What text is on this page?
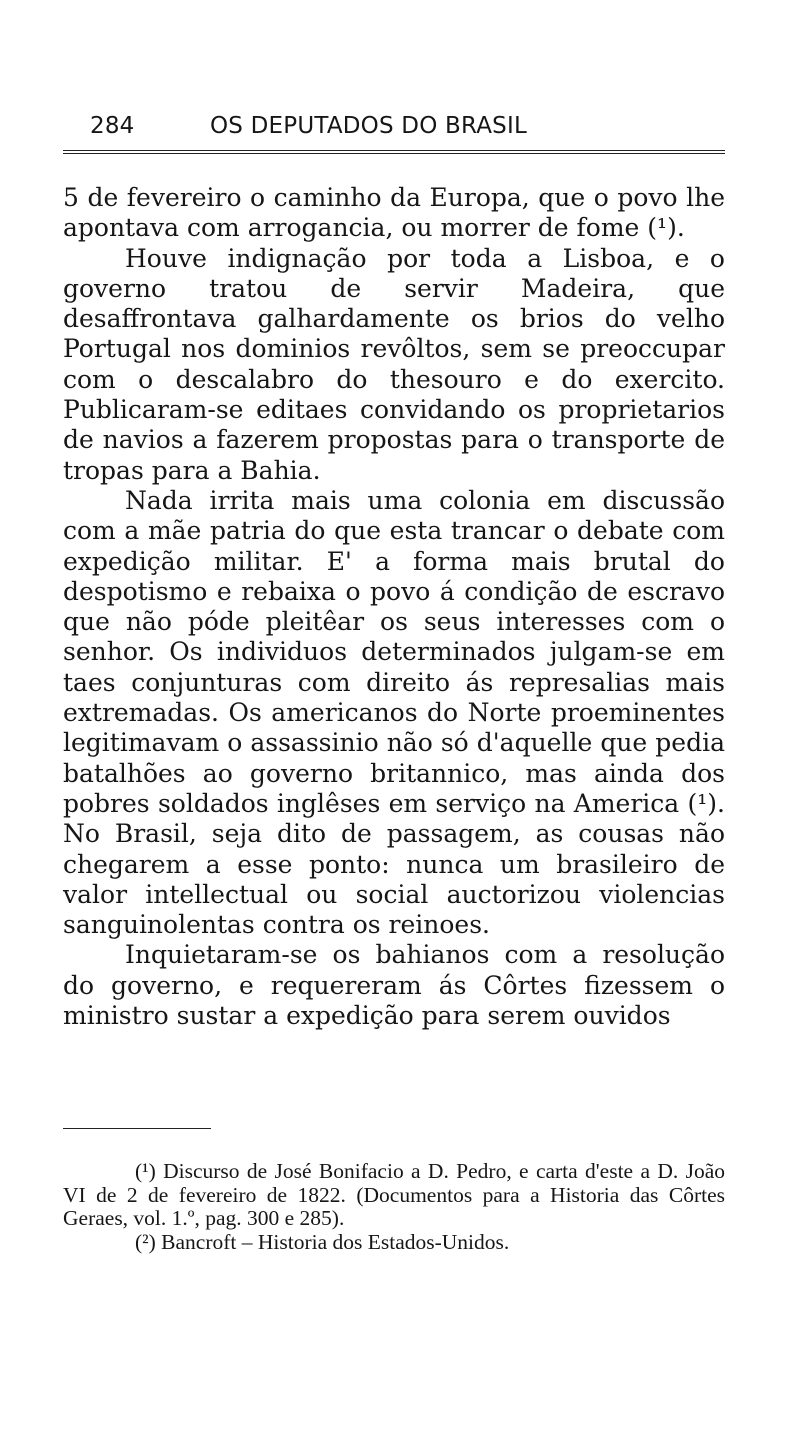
284	OS DEPUTADOS DO BRASIL

5 de fevereiro o caminho da Europa, que o povo lhe apontava com arrogancia, ou morrer de fome (¹).

Houve indignação por toda a Lisboa, e o governo tratou de servir Madeira, que desaffrontava galhardamente os brios do velho Portugal nos dominios revôltos, sem se preoccupar com o descalabro do thesouro e do exercito. Publicaram-se editaes convidando os proprietarios de navios a fazerem propostas para o transporte de tropas para a Bahia.

Nada irrita mais uma colonia em discussão com a mãe patria do que esta trancar o debate com expedição militar. E' a forma mais brutal do despotismo e rebaixa o povo á condição de escravo que não póde pleitêar os seus interesses com o senhor. Os individuos determinados julgam-se em taes conjunturas com direito ás represalias mais extremadas. Os americanos do Norte proeminentes legitimavam o assassinio não só d'aquelle que pedia batalhões ao governo britannico, mas ainda dos pobres soldados inglêses em serviço na America (¹). No Brasil, seja dito de passagem, as cousas não chegarem a esse ponto: nunca um brasileiro de valor intellectual ou social auctorizou violencias sanguinolentas contra os reinoes.

Inquietaram-se os bahianos com a resolução do governo, e requereram ás Côrtes fizessem o ministro sustar a expedição para serem ouvidos

(¹) Discurso de José Bonifacio a D. Pedro, e carta d'este a D. João VI de 2 de fevereiro de 1822. (Documentos para a Historia das Côrtes Geraes, vol. 1.º, pag. 300 e 285).

(²) Bancroft – Historia dos Estados-Unidos.
